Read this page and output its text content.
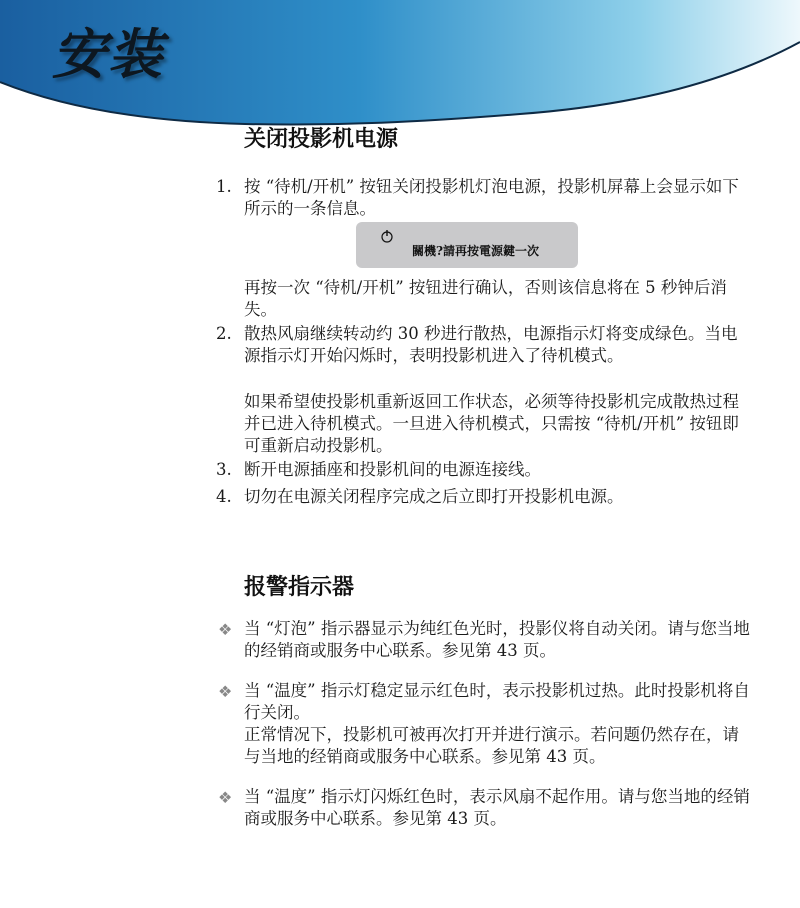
安装
关闭投影机电源
1. 按 “待机/开机” 按钮关闭投影机灯泡电源，投影机屏幕上会显示如下所示的一条信息。
關機?請再按電源鍵一次
再按一次 “待机/开机” 按钮进行确认，否则该信息将在 5 秒钟后消失。
2. 散热风扇继续转动约 30 秒进行散热，电源指示灯将变成绿色。当电源指示灯开始闪烁时，表明投影机进入了待机模式。
如果希望使投影机重新返回工作状态，必须等待投影机完成散热过程并已进入待机模式。一旦进入待机模式，只需按 “待机/开机” 按钮即可重新启动投影机。
3. 断开电源插座和投影机间的电源连接线。
4. 切勿在电源关闭程序完成之后立即打开投影机电源。
报警指示器
❖ 当 “灯泡” 指示器显示为纯红色光时，投影仪将自动关闭。请与您当地的经销商或服务中心联系。参见第 43 页。
❖ 当 “温度” 指示灯稳定显示红色时，表示投影机过热。此时投影机将自行关闭。
正常情况下，投影机可被再次打开并进行演示。若问题仍然存在，请与当地的经销商或服务中心联系。参见第 43 页。
❖ 当 “温度” 指示灯闪烁红色时，表示风扇不起作用。请与您当地的经销商或服务中心联系。参见第 43 页。
